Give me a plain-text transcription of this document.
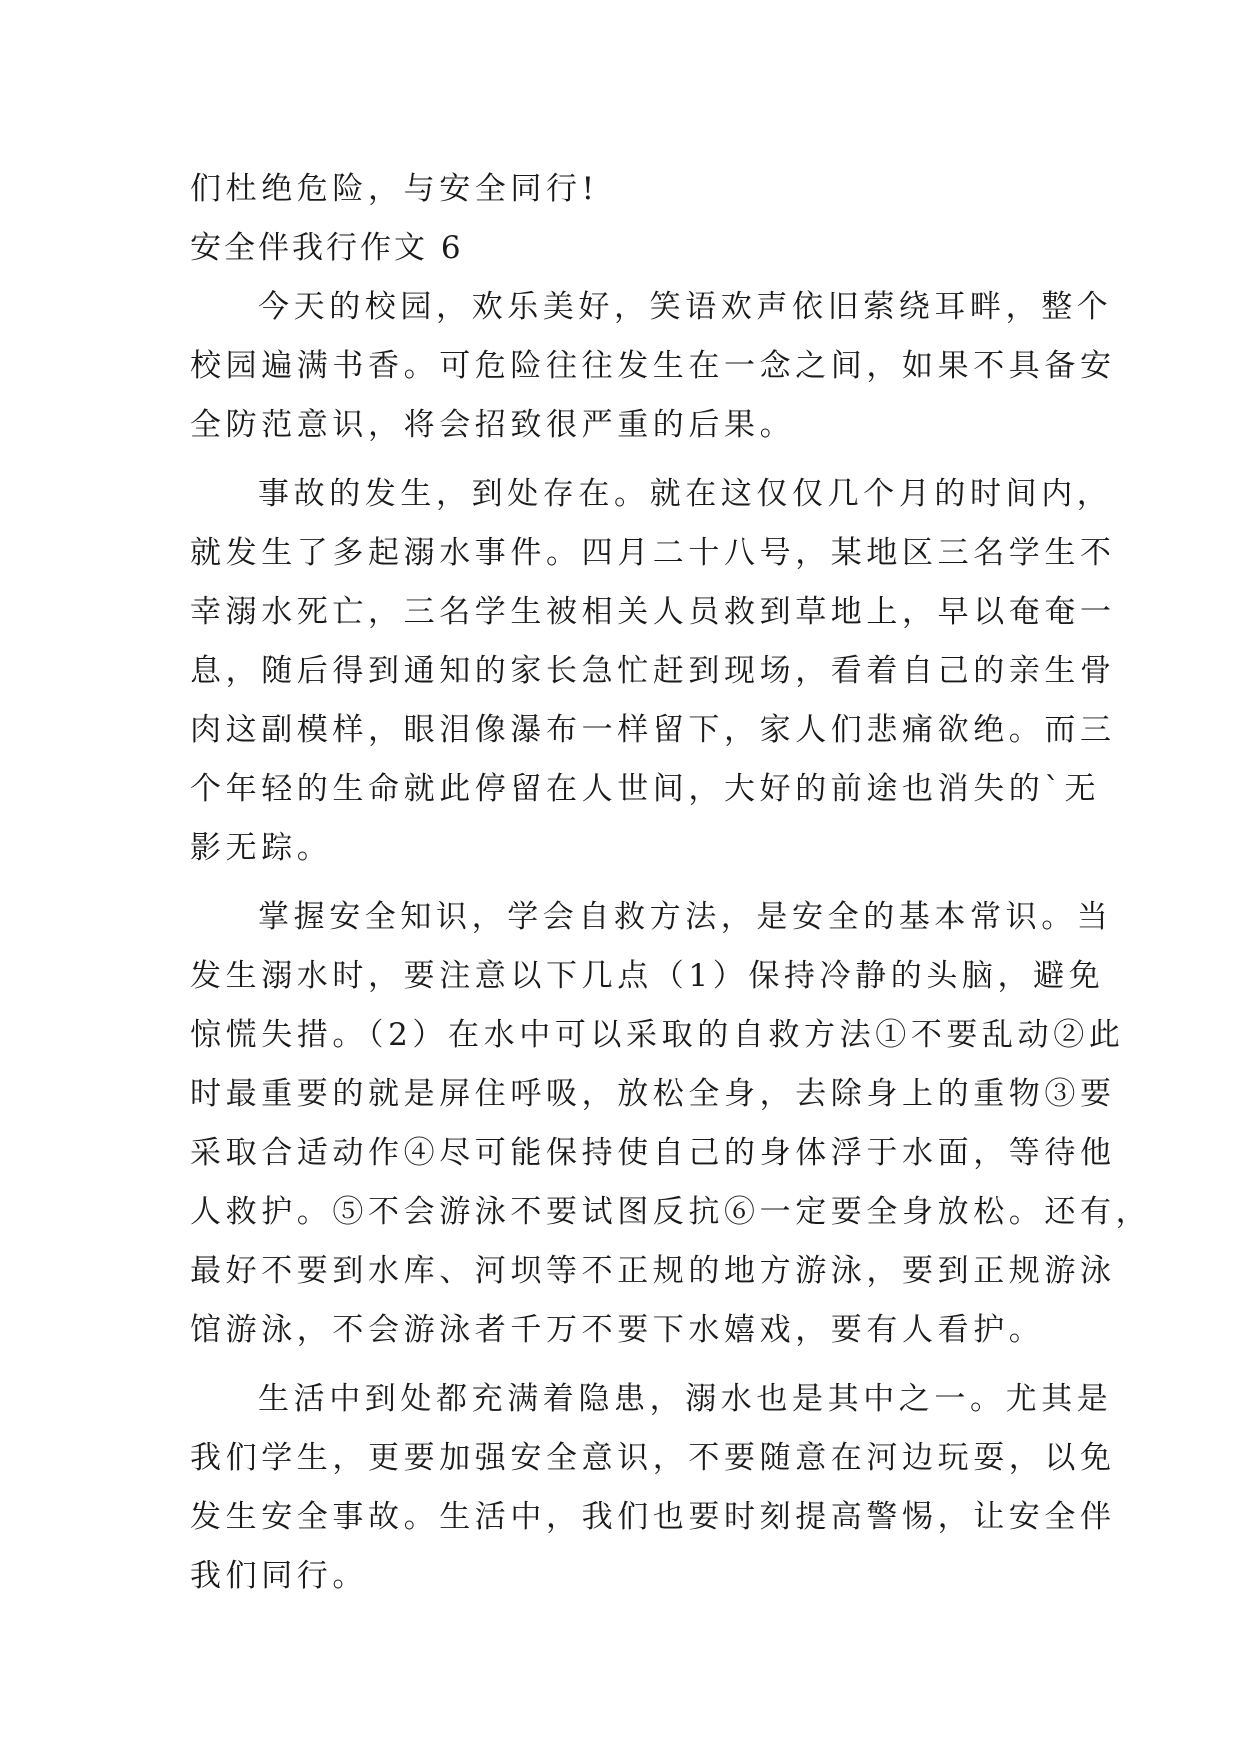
们杜绝危险，与安全同行!
安全伴我行作文 6
今天的校园，欢乐美好，笑语欢声依旧萦绕耳畔，整个
校园遍满书香。可危险往往发生在一念之间，如果不具备安
全防范意识，将会招致很严重的后果。
事故的发生，到处存在。就在这仅仅几个月的时间内，
就发生了多起溺水事件。四月二十八号，某地区三名学生不
幸溺水死亡，三名学生被相关人员救到草地上，早以奄奄一
息，随后得到通知的家长急忙赶到现场，看着自己的亲生骨
肉这副模样，眼泪像瀑布一样留下，家人们悲痛欲绝。而三
个年轻的生命就此停留在人世间，大好的前途也消失的`无
影无踪。
掌握安全知识，学会自救方法，是安全的基本常识。当
发生溺水时，要注意以下几点（1）保持冷静的头脑，避免
惊慌失措。（2）在水中可以采取的自救方法①不要乱动②此
时最重要的就是屏住呼吸，放松全身，去除身上的重物③要
采取合适动作④尽可能保持使自己的身体浮于水面，等待他
人救护。⑤不会游泳不要试图反抗⑥一定要全身放松。还有，
最好不要到水库、河坝等不正规的地方游泳，要到正规游泳
馆游泳，不会游泳者千万不要下水嬉戏，要有人看护。
生活中到处都充满着隐患，溺水也是其中之一。尤其是
我们学生，更要加强安全意识，不要随意在河边玩耍，以免
发生安全事故。生活中，我们也要时刻提高警惕，让安全伴
我们同行。
